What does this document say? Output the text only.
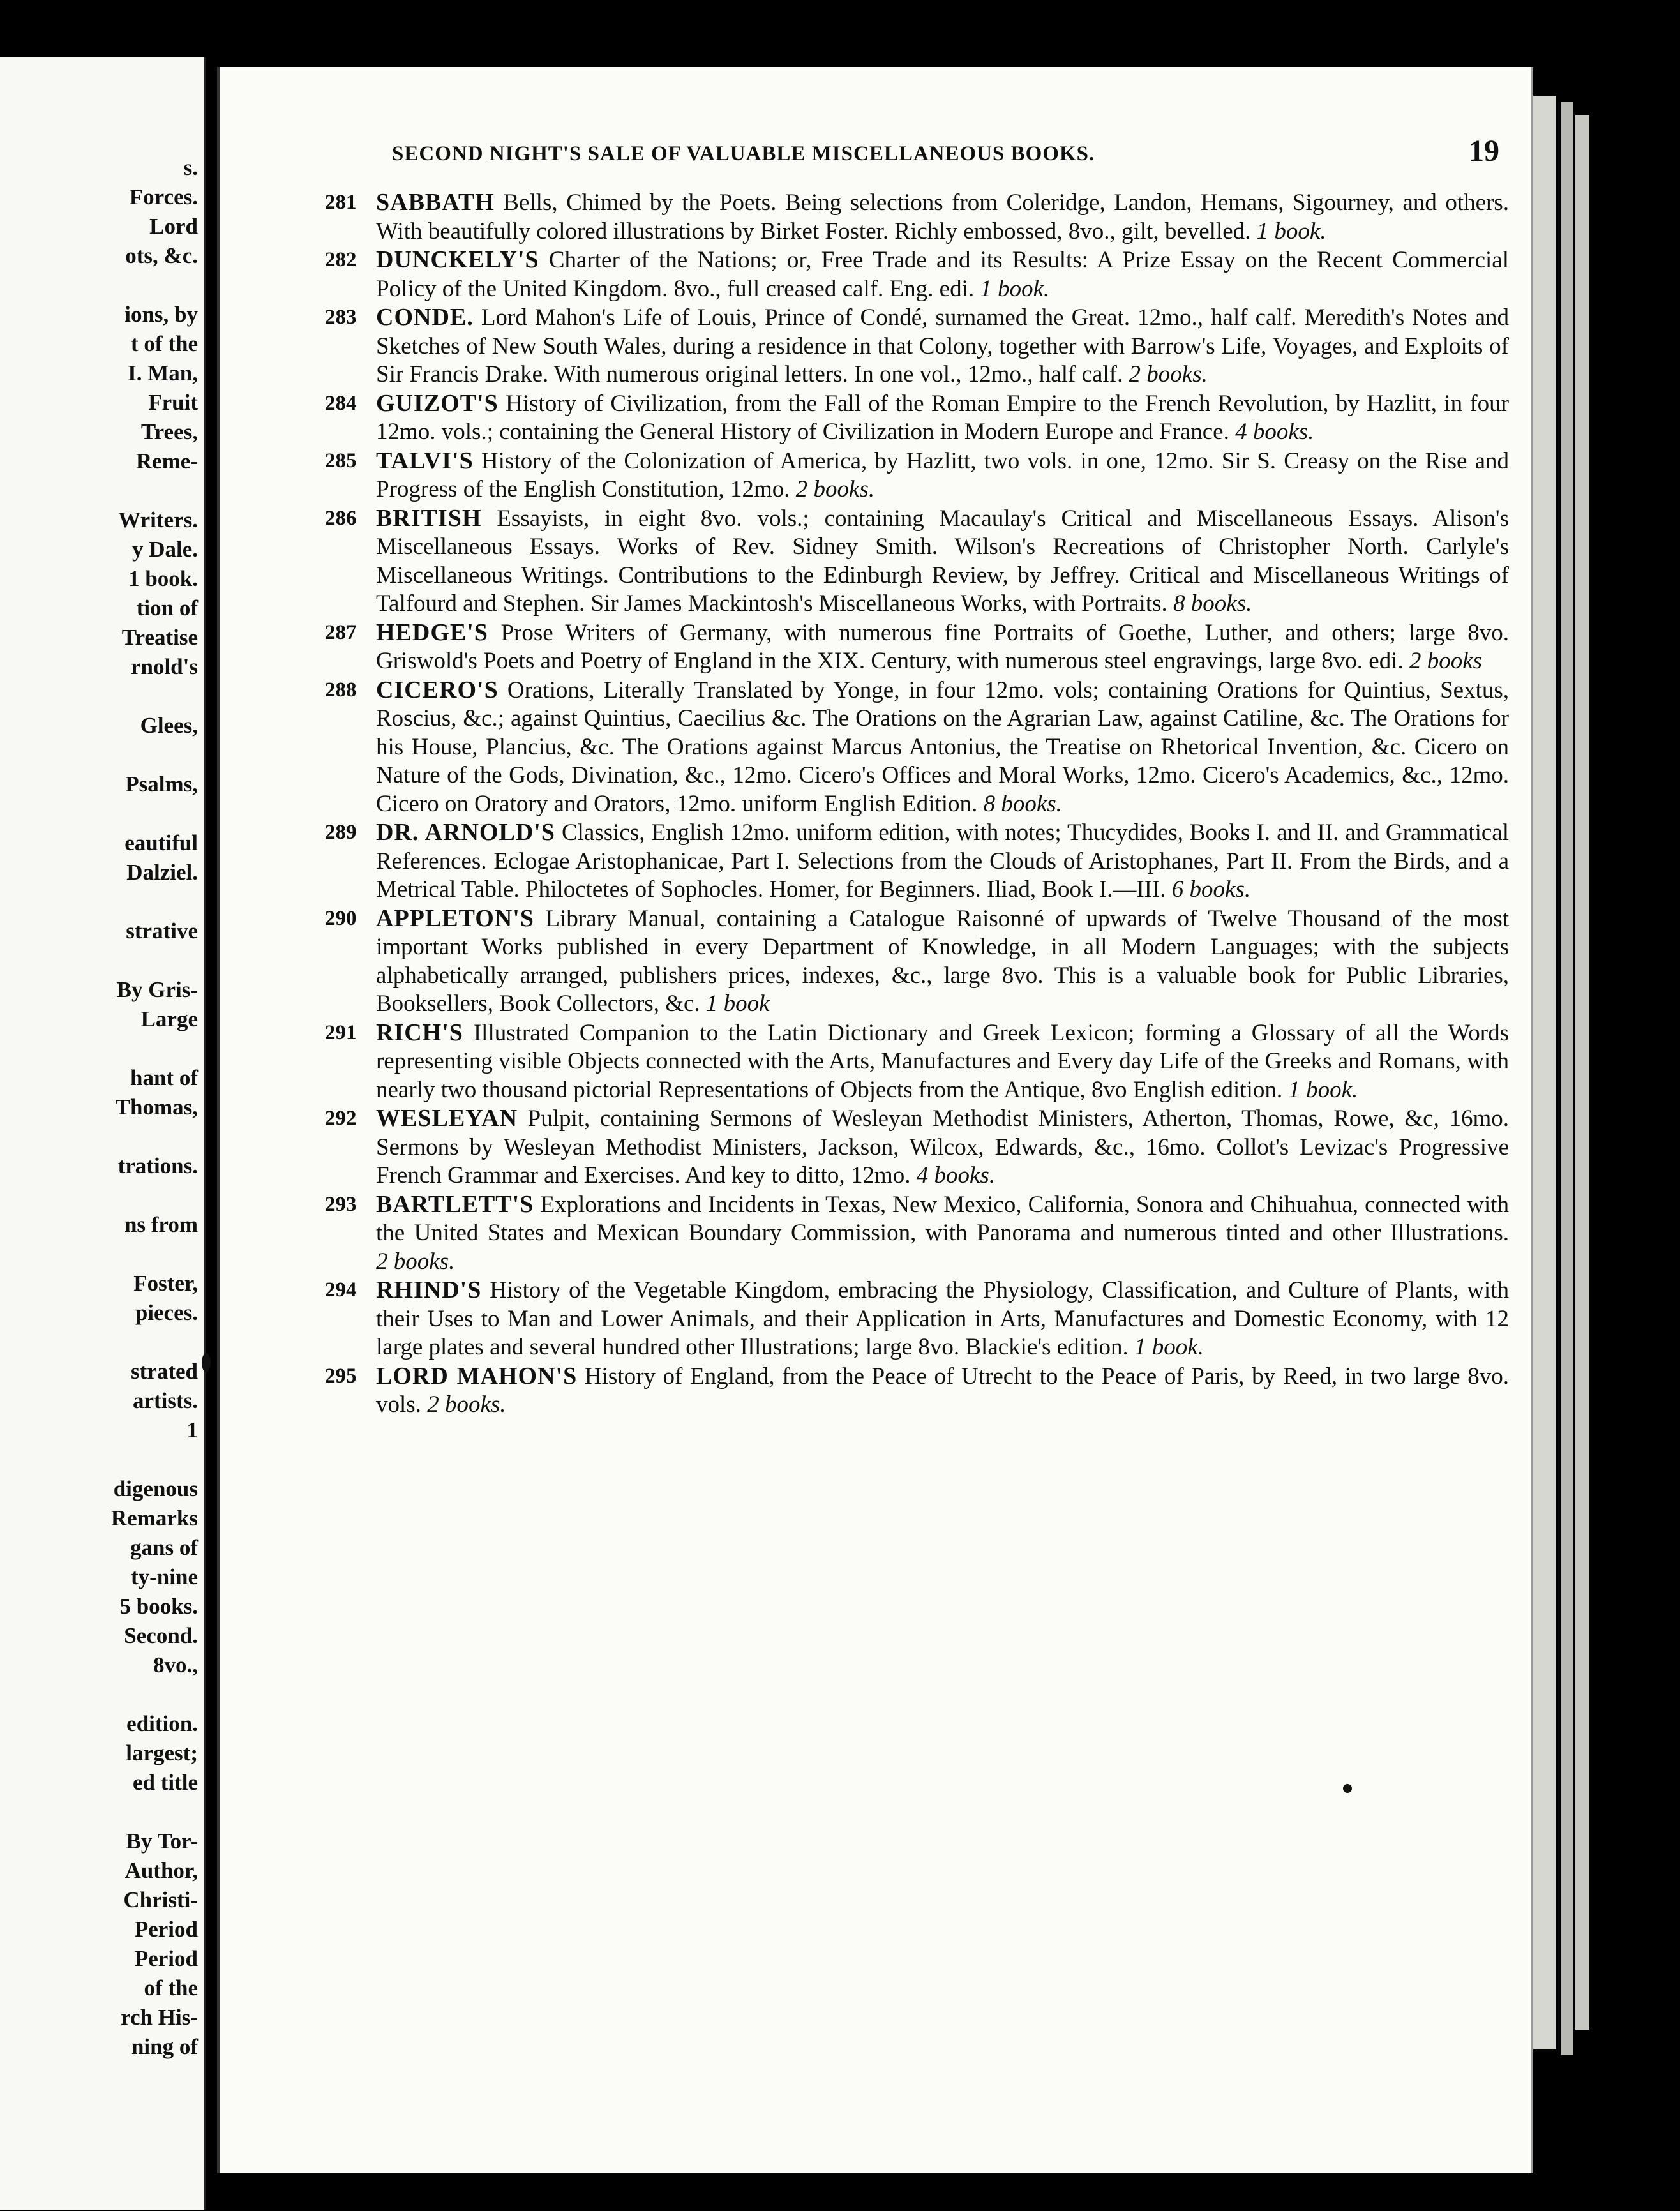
s.
Forces.
Lord
ots, &c.
ions, by
t of the
I. Man,
Fruit
Trees,
Reme-
Writers.
y Dale.
1 book.
tion of
Treatise
rnold's
Glees,
Psalms,
eautiful
Dalziel.
strative
By Gris-
Large
hant of
Thomas,
trations.
ns from
Foster,
pieces.
strated
artists.
1
digenous
Remarks
gans of
ty-nine
5 books.
Second.
8vo.,
edition.
largest;
ed title
By Tor-
Author,
Christi-
Period
Period
of the
rch His-
ning of
SECOND NIGHT'S SALE OF VALUABLE MISCELLANEOUS BOOKS.	19

281 SABBATH Bells, Chimed by the Poets. Being selections from Coleridge, Landon, Hemans, Sigourney, and others. With beautifully colored illustrations by Birket Foster. Richly embossed, 8vo., gilt, bevelled. 1 book.

282 DUNCKELY'S Charter of the Nations; or, Free Trade and its Results: A Prize Essay on the Recent Commercial Policy of the United Kingdom. 8vo., full creased calf. Eng. edi. 1 book.

283 CONDE. Lord Mahon's Life of Louis, Prince of Condé, surnamed the Great. 12mo., half calf. Meredith's Notes and Sketches of New South Wales, during a residence in that Colony, together with Barrow's Life, Voyages, and Exploits of Sir Francis Drake. With numerous original letters. In one vol., 12mo., half calf. 2 books.

284 GUIZOT'S History of Civilization, from the Fall of the Roman Empire to the French Revolution, by Hazlitt, in four 12mo. vols.; containing the General History of Civilization in Modern Europe and France. 4 books.

285 TALVI'S History of the Colonization of America, by Hazlitt, two vols. in one, 12mo. Sir S. Creasy on the Rise and Progress of the English Constitution, 12mo. 2 books.

286 BRITISH Essayists, in eight 8vo. vols.; containing Macaulay's Critical and Miscellaneous Essays. Alison's Miscellaneous Essays. Works of Rev. Sidney Smith. Wilson's Recreations of Christopher North. Carlyle's Miscellaneous Writings. Contributions to the Edinburgh Review, by Jeffrey. Critical and Miscellaneous Writings of Talfourd and Stephen. Sir James Mackintosh's Miscellaneous Works, with Portraits. 8 books.

287 HEDGE'S Prose Writers of Germany, with numerous fine Portraits of Goethe, Luther, and others; large 8vo. Griswold's Poets and Poetry of England in the XIX. Century, with numerous steel engravings, large 8vo. edi. 2 books

288 CICERO'S Orations, Literally Translated by Yonge, in four 12mo. vols; containing Orations for Quintius, Sextus, Roscius, &c.; against Quintius, Caecilius &c. The Orations on the Agrarian Law, against Catiline, &c. The Orations for his House, Plancius, &c. The Orations against Marcus Antonius, the Treatise on Rhetorical Invention, &c. Cicero on Nature of the Gods, Divination, &c., 12mo. Cicero's Offices and Moral Works, 12mo. Cicero's Academics, &c., 12mo. Cicero on Oratory and Orators, 12mo. uniform English Edition. 8 books.

289 DR. ARNOLD'S Classics, English 12mo. uniform edition, with notes; Thucydides, Books I. and II. and Grammatical References. Eclogae Aristophanicae, Part I. Selections from the Clouds of Aristophanes, Part II. From the Birds, and a Metrical Table. Philoctetes of Sophocles. Homer, for Beginners. Iliad, Book I.—III. 6 books.

290 APPLETON'S Library Manual, containing a Catalogue Raisonné of upwards of Twelve Thousand of the most important Works published in every Department of Knowledge, in all Modern Languages; with the subjects alphabetically arranged, publishers prices, indexes, &c., large 8vo. This is a valuable book for Public Libraries, Booksellers, Book Collectors, &c. 1 book

291 RICH'S Illustrated Companion to the Latin Dictionary and Greek Lexicon; forming a Glossary of all the Words representing visible Objects connected with the Arts, Manufactures and Every day Life of the Greeks and Romans, with nearly two thousand pictorial Representations of Objects from the Antique, 8vo English edition. 1 book.

292 WESLEYAN Pulpit, containing Sermons of Wesleyan Methodist Ministers, Atherton, Thomas, Rowe, &c, 16mo. Sermons by Wesleyan Methodist Ministers, Jackson, Wilcox, Edwards, &c., 16mo. Collot's Levizac's Progressive French Grammar and Exercises. And key to ditto, 12mo. 4 books.

293 BARTLETT'S Explorations and Incidents in Texas, New Mexico, California, Sonora and Chihuahua, connected with the United States and Mexican Boundary Commission, with Panorama and numerous tinted and other Illustrations. 2 books.

294 RHIND'S History of the Vegetable Kingdom, embracing the Physiology, Classification, and Culture of Plants, with their Uses to Man and Lower Animals, and their Application in Arts, Manufactures and Domestic Economy, with 12 large plates and several hundred other Illustrations; large 8vo. Blackie's edition. 1 book.

295 LORD MAHON'S History of England, from the Peace of Utrecht to the Peace of Paris, by Reed, in two large 8vo. vols. 2 books.
